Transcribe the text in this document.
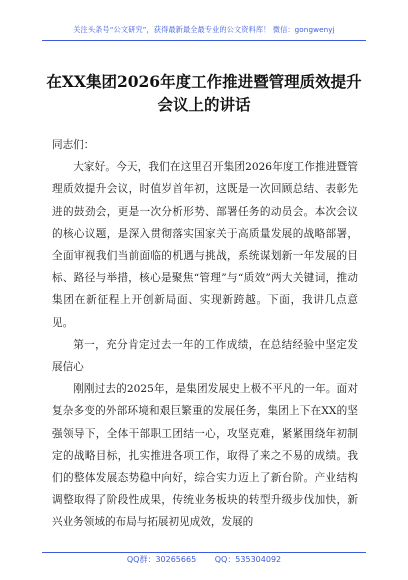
关注头条号“公文研究”，获得最新最全最专业的公文资料库！ 微信：gongwenyj
在XX集团2026年度工作推进暨管理质效提升会议上的讲话

同志们：

大家好。今天，我们在这里召开集团2026年度工作推进暨管理质效提升会议，时值岁首年初，这既是一次回顾总结、表彰先进的鼓劲会，更是一次分析形势、部署任务的动员会。本次会议的核心议题，是深入贯彻落实国家关于高质量发展的战略部署，全面审视我们当前面临的机遇与挑战，系统谋划新一年发展的目标、路径与举措，核心是聚焦“管理”与“质效”两大关键词，推动集团在新征程上开创新局面、实现新跨越。下面，我讲几点意见。

第一，充分肯定过去一年的工作成绩，在总结经验中坚定发展信心

刚刚过去的2025年，是集团发展史上极不平凡的一年。面对复杂多变的外部环境和艰巨繁重的发展任务，集团上下在XX的坚强领导下，全体干部职工团结一心，攻坚克难，紧紧围绕年初制定的战略目标，扎实推进各项工作，取得了来之不易的成绩。我们的整体发展态势稳中向好，综合实力迈上了新台阶。产业结构调整取得了阶段性成果，传统业务板块的转型升级步伐加快，新兴业务领域的布局与拓展初见成效，发展的

QQ群：30265665 QQ：535304092
